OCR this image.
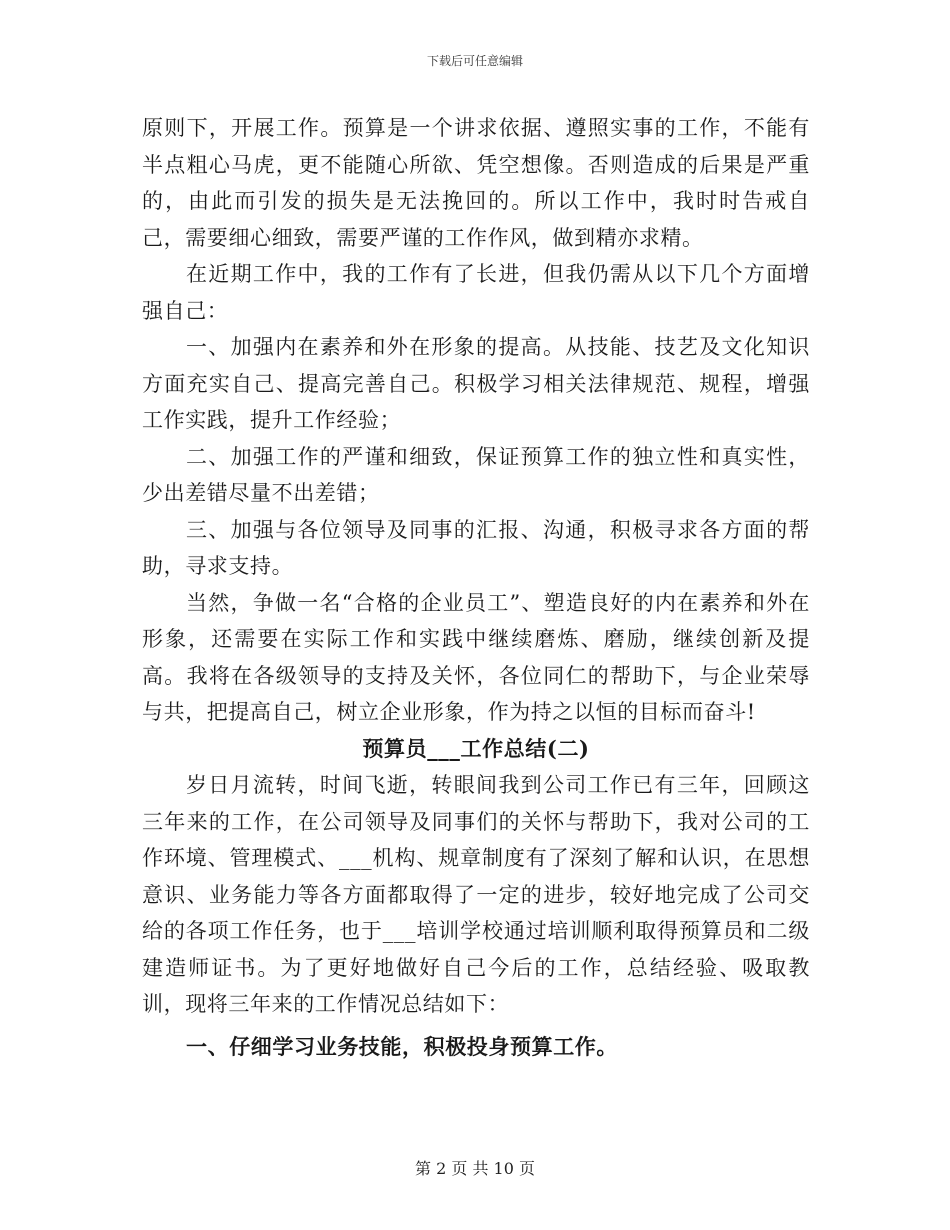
下载后可任意编辑

原则下，开展工作。预算是一个讲求依据、遵照实事的工作，不能有半点粗心马虎，更不能随心所欲、凭空想像。否则造成的后果是严重的，由此而引发的损失是无法挽回的。所以工作中，我时时告戒自己，需要细心细致，需要严谨的工作作风，做到精亦求精。

在近期工作中，我的工作有了长进，但我仍需从以下几个方面增强自己：

一、加强内在素养和外在形象的提高。从技能、技艺及文化知识方面充实自己、提高完善自己。积极学习相关法律规范、规程，增强工作实践，提升工作经验；

二、加强工作的严谨和细致，保证预算工作的独立性和真实性，少出差错尽量不出差错；

三、加强与各位领导及同事的汇报、沟通，积极寻求各方面的帮助，寻求支持。

当然，争做一名“合格的企业员工”、塑造良好的内在素养和外在形象，还需要在实际工作和实践中继续磨炼、磨励，继续创新及提高。我将在各级领导的支持及关怀，各位同仁的帮助下，与企业荣辱与共，把提高自己，树立企业形象，作为持之以恒的目标而奋斗!

预算员___工作总结(二)

岁日月流转，时间飞逝，转眼间我到公司工作已有三年，回顾这三年来的工作，在公司领导及同事们的关怀与帮助下，我对公司的工作环境、管理模式、___机构、规章制度有了深刻了解和认识，在思想意识、业务能力等各方面都取得了一定的进步，较好地完成了公司交给的各项工作任务，也于___培训学校通过培训顺利取得预算员和二级建造师证书。为了更好地做好自己今后的工作，总结经验、吸取教训，现将三年来的工作情况总结如下：

一、仔细学习业务技能，积极投身预算工作。

第 2 页 共 10 页
